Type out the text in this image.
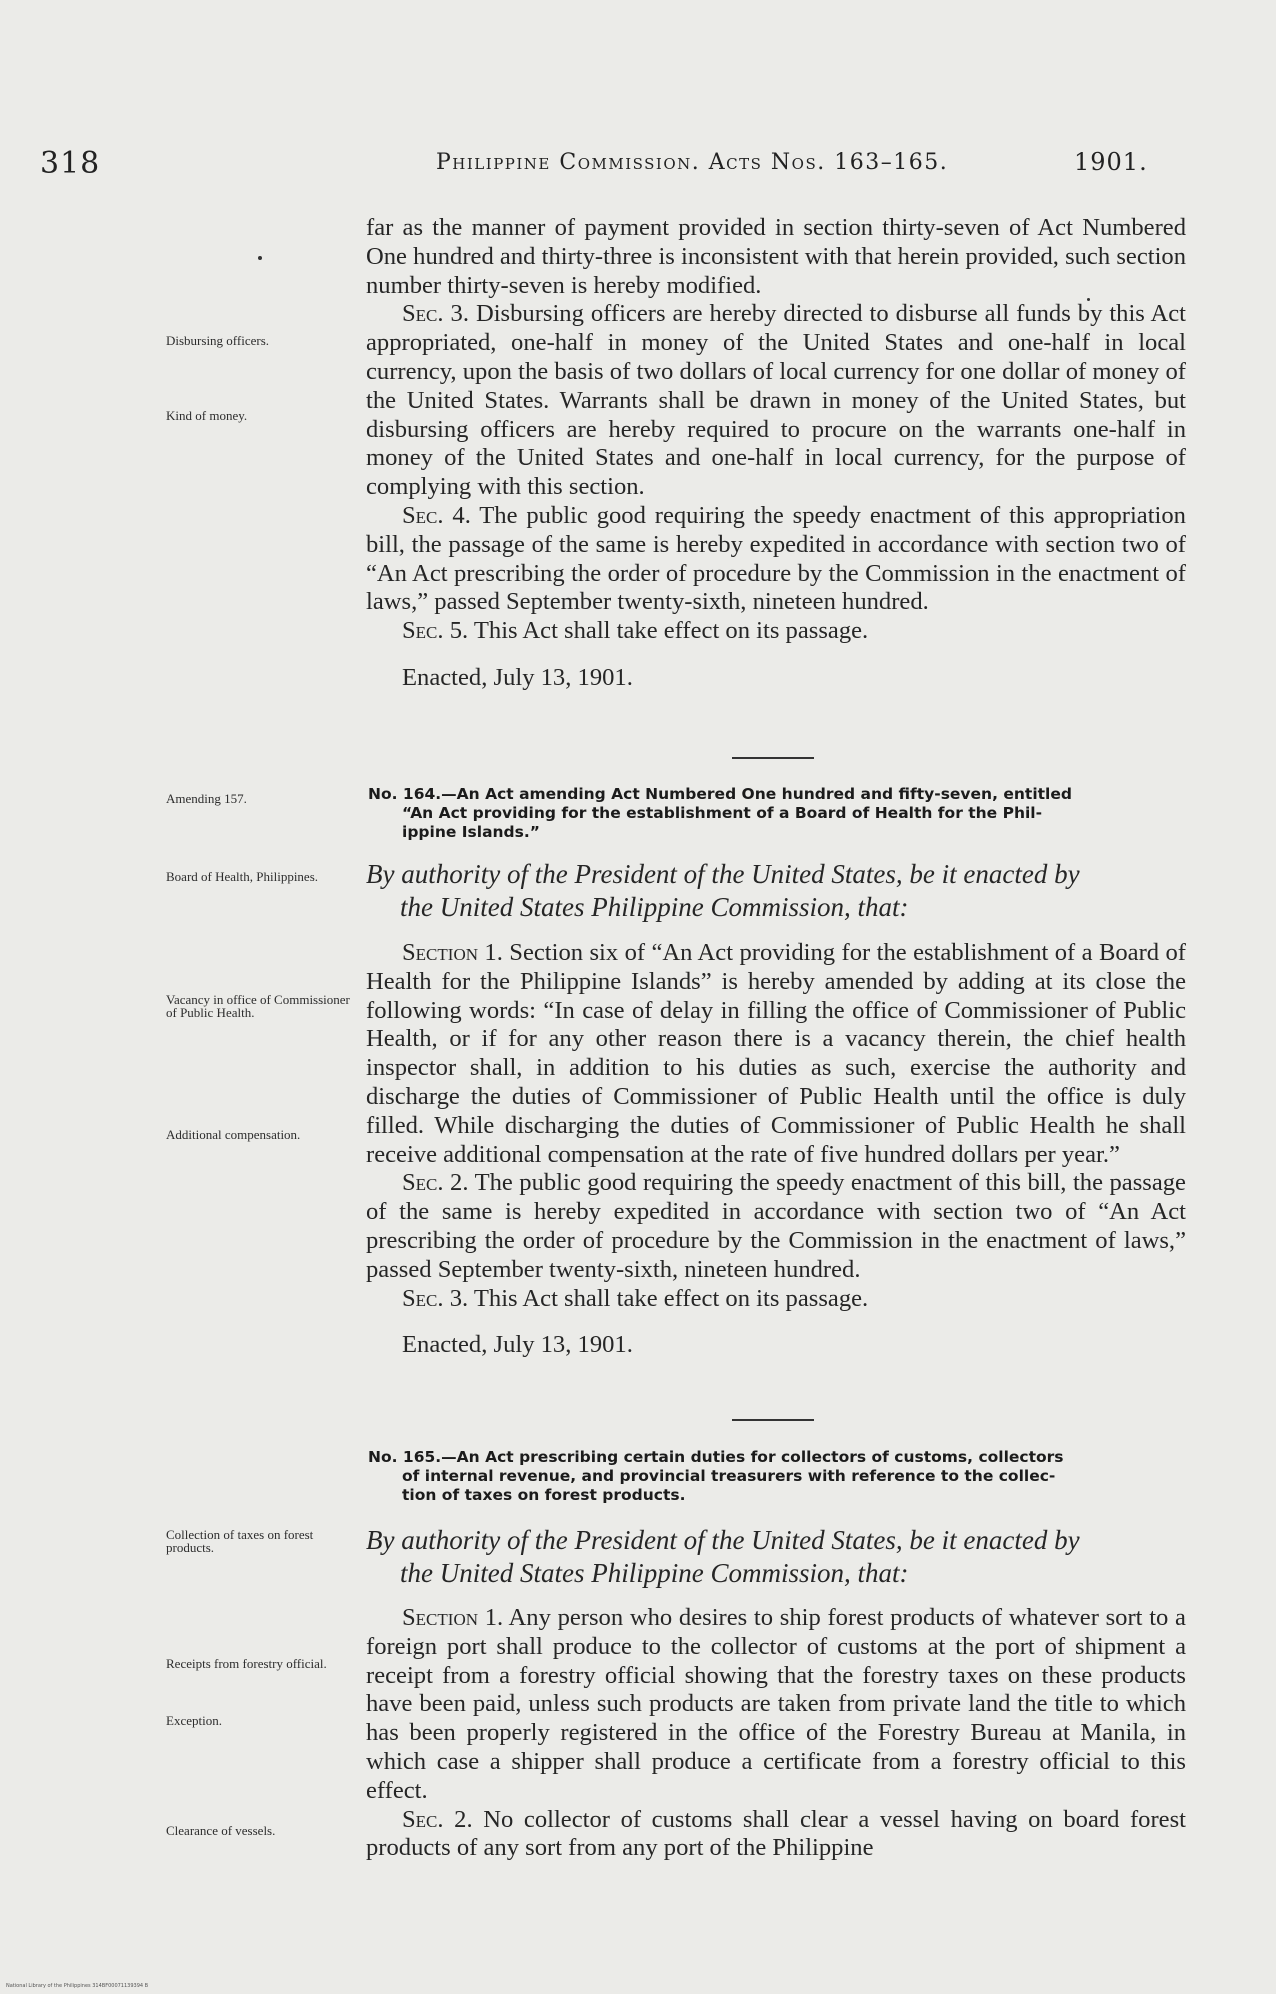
318	Philippine Commission. Acts Nos. 163–165.	1901.

far as the manner of payment provided in section thirty-seven of Act Numbered One hundred and thirty-three is inconsistent with that herein provided, such section number thirty-seven is hereby modified.

Sec. 3. Disbursing officers are hereby directed to disburse all funds by this Act appropriated, one-half in money of the United States and one-half in local currency, upon the basis of two dollars of local currency for one dollar of money of the United States. Warrants shall be drawn in money of the United States, but disbursing officers are hereby required to procure on the warrants one-half in money of the United States and one-half in local currency, for the purpose of complying with this section.

Sec. 4. The public good requiring the speedy enactment of this appropriation bill, the passage of the same is hereby expedited in accordance with section two of “An Act prescribing the order of procedure by the Commission in the enactment of laws,” passed September twenty-sixth, nineteen hundred.

Sec. 5. This Act shall take effect on its passage.

Enacted, July 13, 1901.

No. 164.—An Act amending Act Numbered One hundred and fifty-seven, entitled
“An Act providing for the establishment of a Board of Health for the Phil-
ippine Islands.”
By authority of the President of the United States, be it enacted by
the United States Philippine Commission, that:

Section 1. Section six of “An Act providing for the establishment of a Board of Health for the Philippine Islands” is hereby amended by adding at its close the following words: “In case of delay in filling the office of Commissioner of Public Health, or if for any other reason there is a vacancy therein, the chief health inspector shall, in addition to his duties as such, exercise the authority and discharge the duties of Commissioner of Public Health until the office is duly filled. While discharging the duties of Commissioner of Public Health he shall receive additional compensation at the rate of five hundred dollars per year.”

Sec. 2. The public good requiring the speedy enactment of this bill, the passage of the same is hereby expedited in accordance with section two of “An Act prescribing the order of procedure by the Commission in the enactment of laws,” passed September twenty-sixth, nineteen hundred.

Sec. 3. This Act shall take effect on its passage.

Enacted, July 13, 1901.

No. 165.—An Act prescribing certain duties for collectors of customs, collectors
of internal revenue, and provincial treasurers with reference to the collec-
tion of taxes on forest products.
By authority of the President of the United States, be it enacted by
the United States Philippine Commission, that:

Section 1. Any person who desires to ship forest products of whatever sort to a foreign port shall produce to the collector of customs at the port of shipment a receipt from a forestry official showing that the forestry taxes on these products have been paid, unless such products are taken from private land the title to which has been properly registered in the office of the Forestry Bureau at Manila, in which case a shipper shall produce a certificate from a forestry official to this effect.

Sec. 2. No collector of customs shall clear a vessel having on board forest products of any sort from any port of the Philippine

Disbursing officers.
Kind of money.
Amending 157.
Board of Health, Philippines.
Vacancy in office of Commissioner of Public Health.
Additional compensation.
Collection of taxes on forest products.
Receipts from forestry official.
Exception.
Clearance of vessels.
National Library of the Philippines 314BF00071139394 B
